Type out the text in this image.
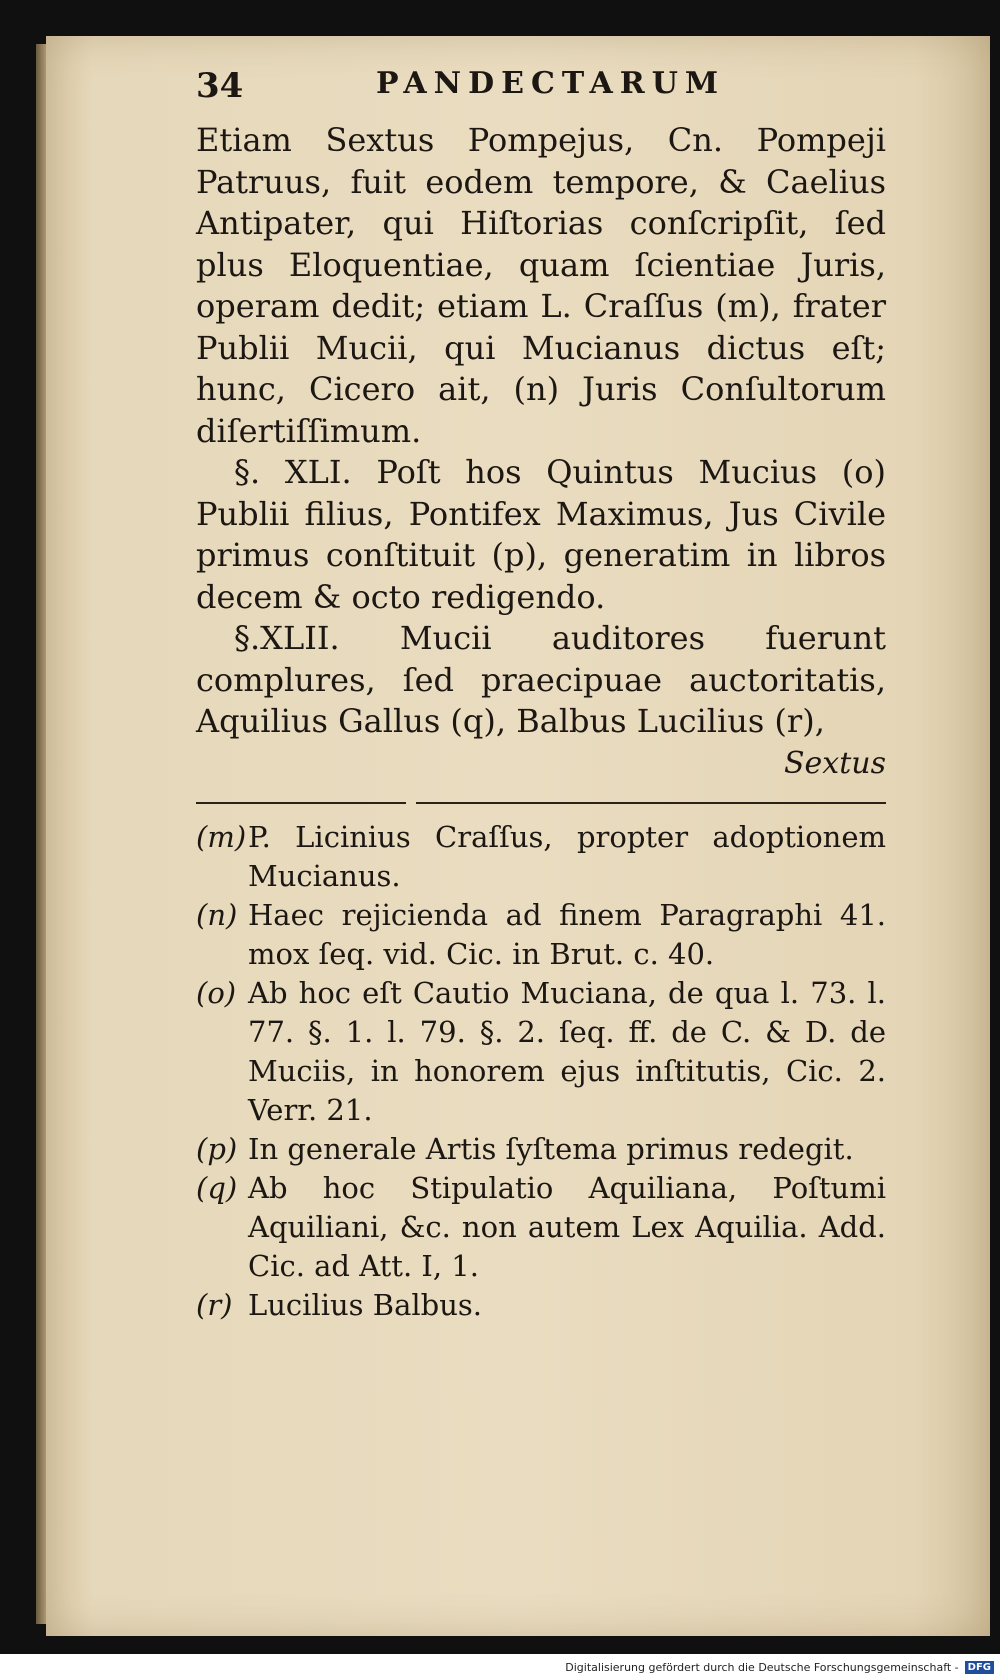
34	PANDECTARUM

Etiam Sextus Pompejus, Cn. Pompeji Patruus, fuit eodem tempore, & Caelius Antipater, qui Hiſtorias conſcripſit, ſed plus Eloquentiae, quam ſcientiae Juris, operam dedit; etiam L. Craſſus (m), frater Publii Mucii, qui Mucianus dictus eſt; hunc, Cicero ait, (n) Juris Conſultorum diſertiſſimum.

§. XLI. Poſt hos Quintus Mucius (o) Publii filius, Pontifex Maximus, Jus Civile primus conſtituit (p), generatim in libros decem & octo redigendo.

§.XLII. Mucii auditores fuerunt complures, ſed praecipuae auctoritatis, Aquilius Gallus (q), Balbus Lucilius (r),

Sextus
(m) P. Licinius Craſſus, propter adoptionem Mucianus.
(n) Haec rejicienda ad finem Paragraphi 41. mox ſeq. vid. Cic. in Brut. c. 40.
(o) Ab hoc eſt Cautio Muciana, de qua l. 73. l. 77. §. 1. l. 79. §. 2. ſeq. ff. de C. & D. de Muciis, in honorem ejus inſtitutis, Cic. 2. Verr. 21.
(p) In generale Artis ſyſtema primus redegit.
(q) Ab hoc Stipulatio Aquiliana, Poſtumi Aquiliani, &c. non autem Lex Aquilia. Add. Cic. ad Att. I, 1.
(r) Lucilius Balbus.
Digitalisierung gefördert durch die Deutsche Forschungsgemeinschaft - DFG
